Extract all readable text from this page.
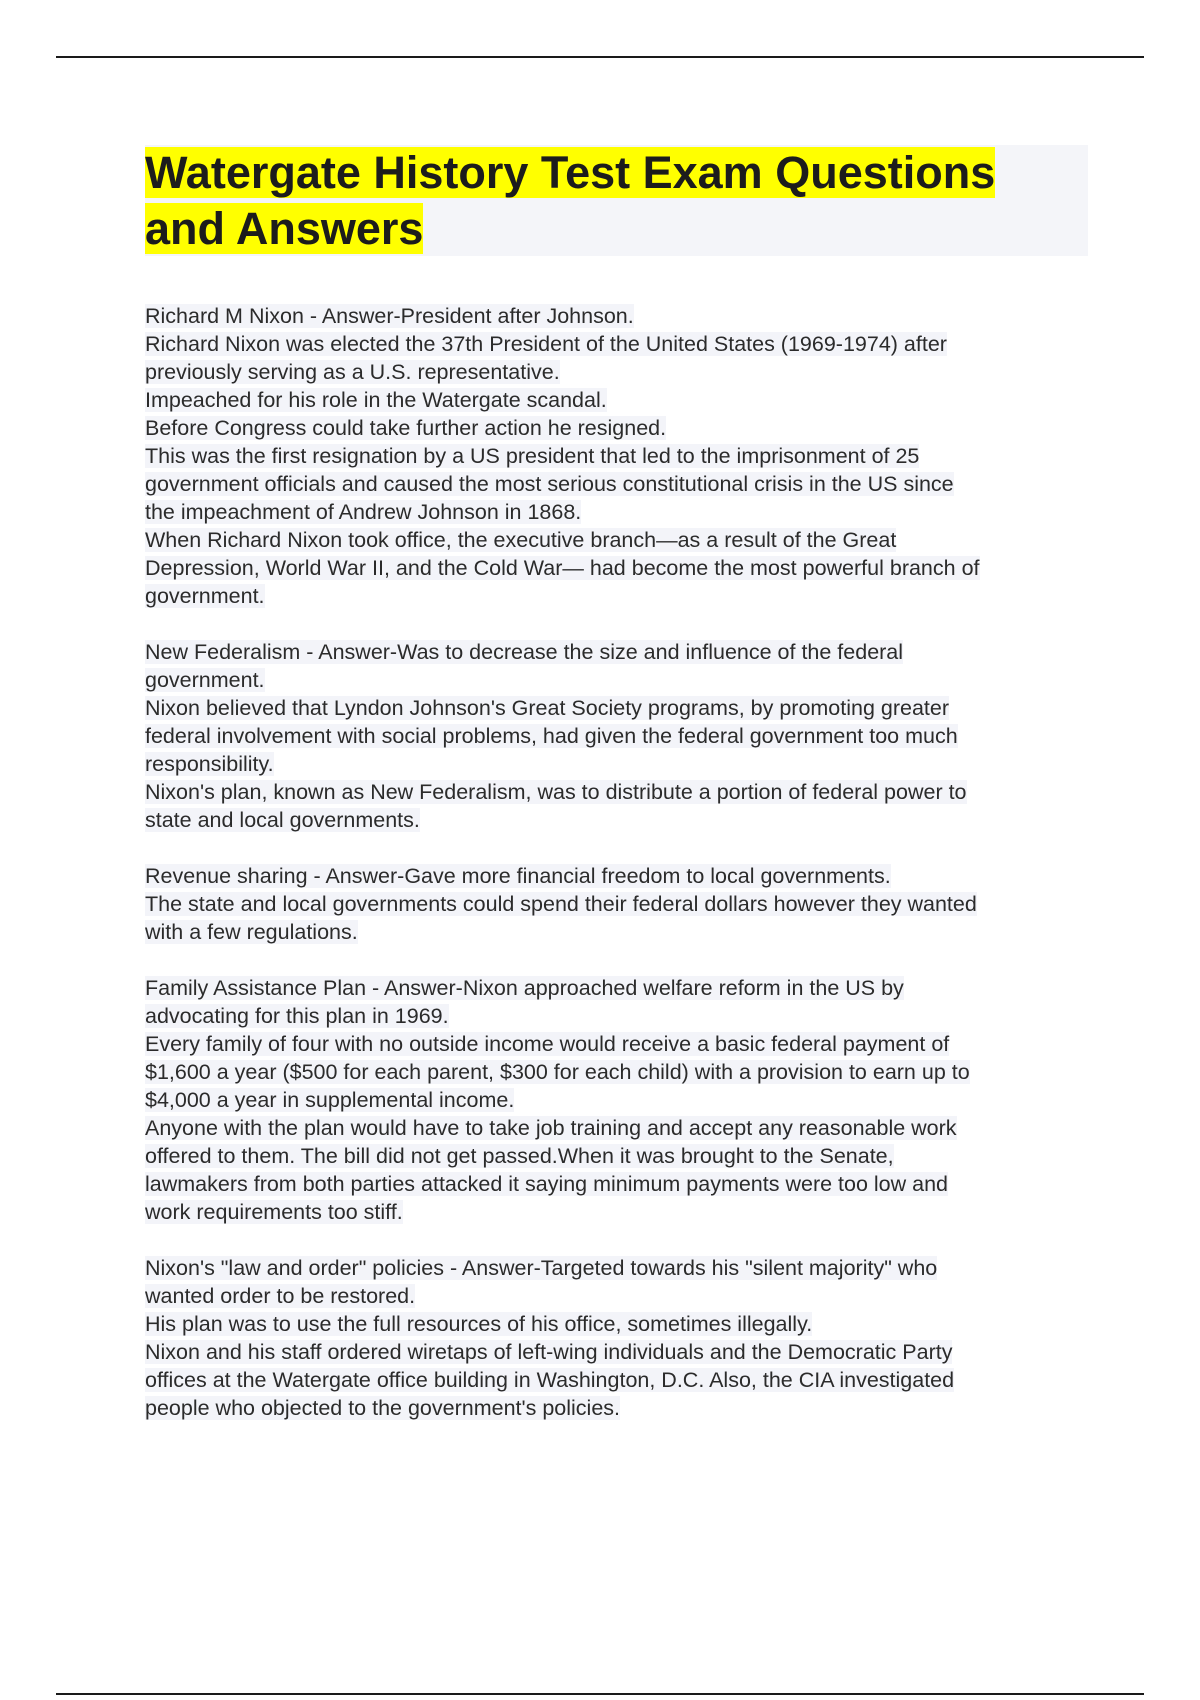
Watergate History Test Exam Questions
and Answers
Richard M Nixon - Answer-President after Johnson.
Richard Nixon was elected the 37th President of the United States (1969-1974) after
previously serving as a U.S. representative.
Impeached for his role in the Watergate scandal.
Before Congress could take further action he resigned.
This was the first resignation by a US president that led to the imprisonment of 25
government officials and caused the most serious constitutional crisis in the US since
the impeachment of Andrew Johnson in 1868.
When Richard Nixon took office, the executive branch—as a result of the Great
Depression, World War II, and the Cold War— had become the most powerful branch of
government.
New Federalism - Answer-Was to decrease the size and influence of the federal
government.
Nixon believed that Lyndon Johnson's Great Society programs, by promoting greater
federal involvement with social problems, had given the federal government too much
responsibility.
Nixon's plan, known as New Federalism, was to distribute a portion of federal power to
state and local governments.
Revenue sharing - Answer-Gave more financial freedom to local governments.
The state and local governments could spend their federal dollars however they wanted
with a few regulations.
Family Assistance Plan - Answer-Nixon approached welfare reform in the US by
advocating for this plan in 1969.
Every family of four with no outside income would receive a basic federal payment of
$1,600 a year ($500 for each parent, $300 for each child) with a provision to earn up to
$4,000 a year in supplemental income.
Anyone with the plan would have to take job training and accept any reasonable work
offered to them. The bill did not get passed.When it was brought to the Senate,
lawmakers from both parties attacked it saying minimum payments were too low and
work requirements too stiff.
Nixon's "law and order" policies - Answer-Targeted towards his "silent majority" who
wanted order to be restored.
His plan was to use the full resources of his office, sometimes illegally.
Nixon and his staff ordered wiretaps of left-wing individuals and the Democratic Party
offices at the Watergate office building in Washington, D.C. Also, the CIA investigated
people who objected to the government's policies.
